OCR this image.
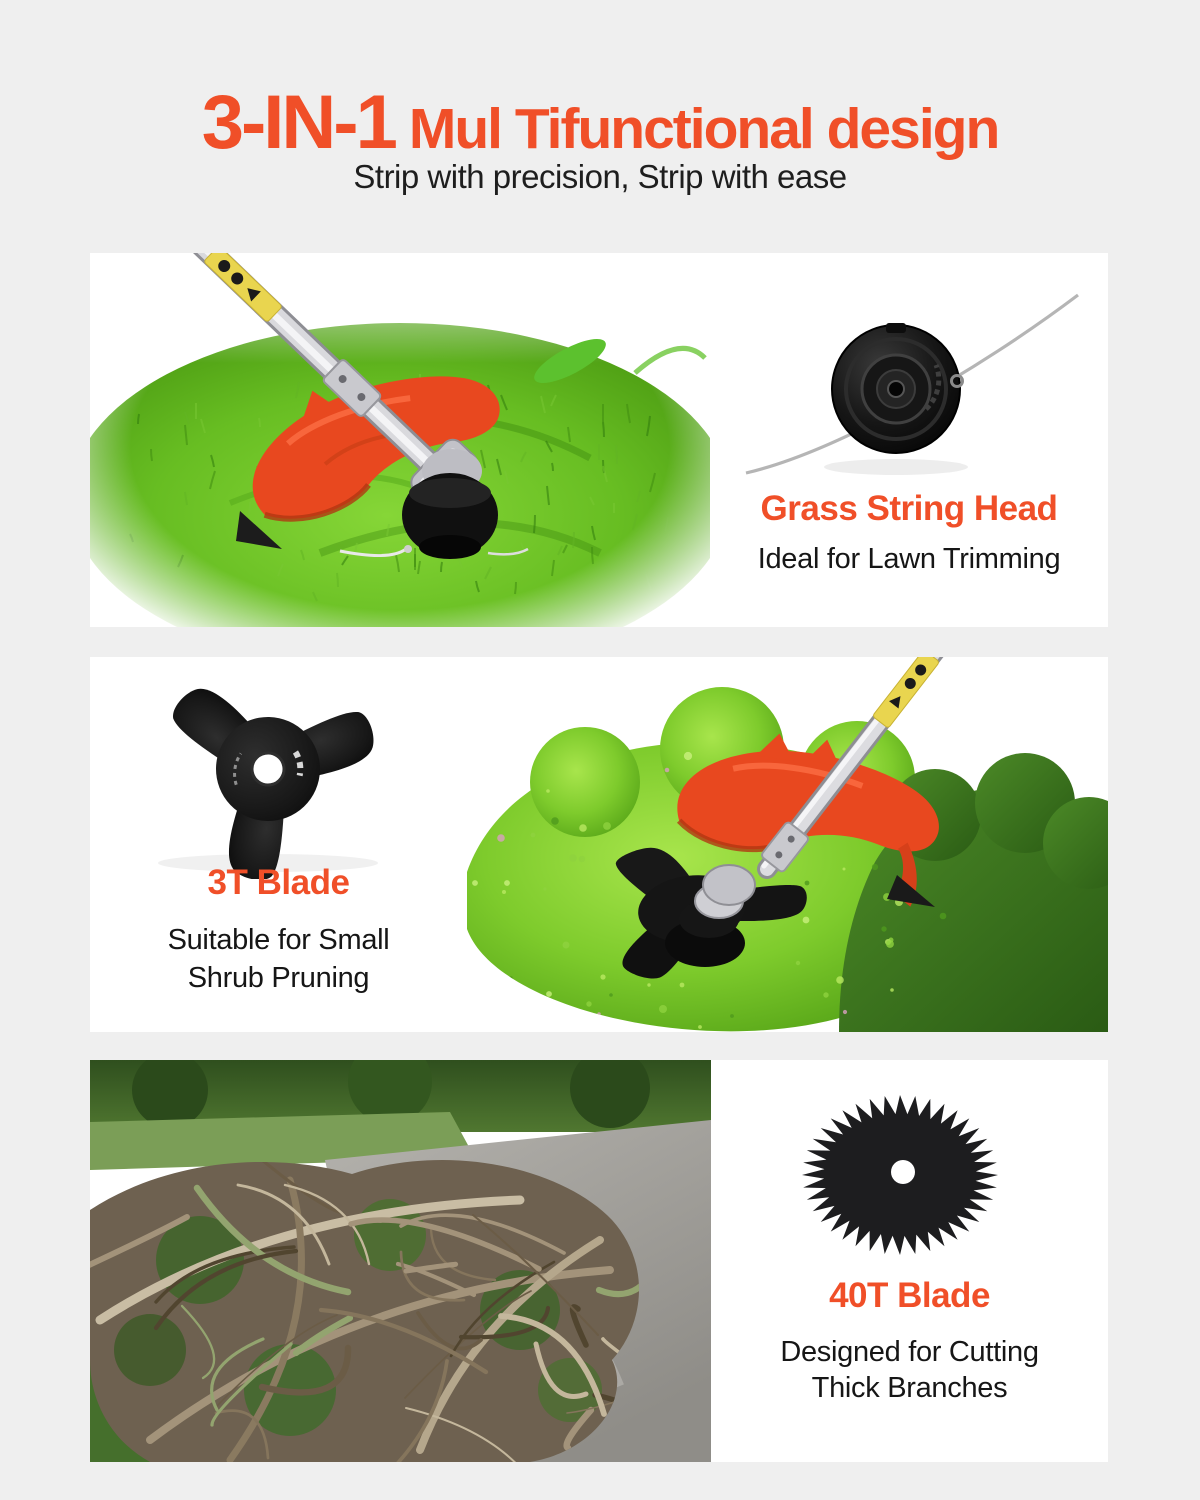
3-IN-1 Mul Tifunctional design
Strip with precision, Strip with ease
Grass String Head
Ideal for Lawn Trimming
3T Blade
Suitable for Small
Shrub Pruning
40T Blade
Designed for Cutting
Thick Branches
